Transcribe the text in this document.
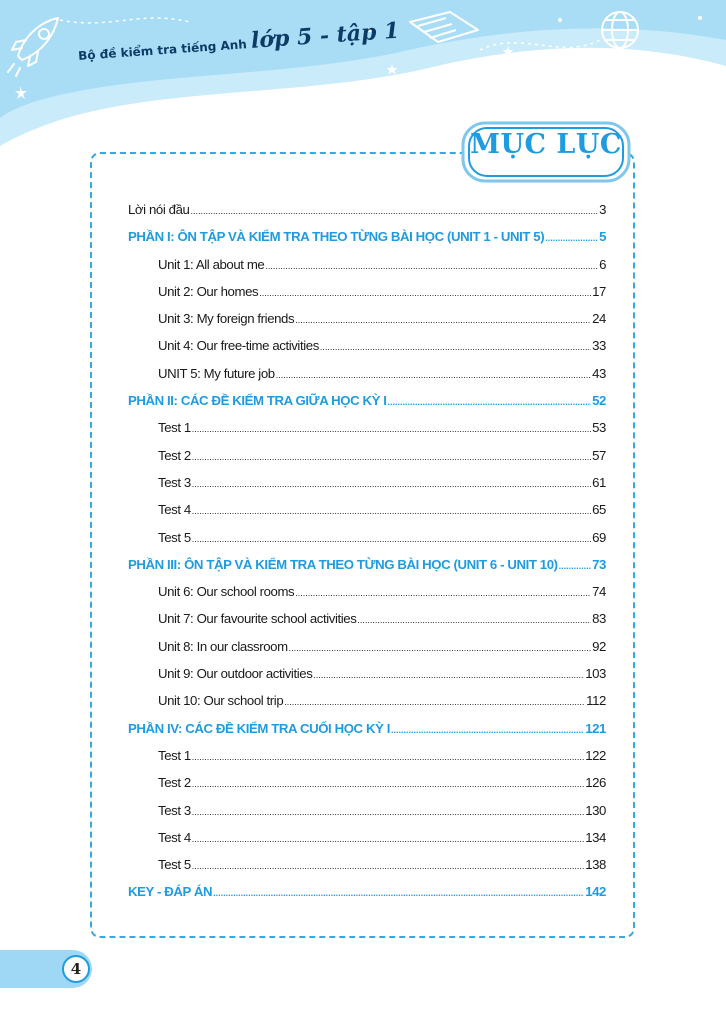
Bộ đề kiểm tra tiếng Anh lớp 5 - tập 1
MỤC LỤC
Lời nói đầu .....	3
PHẦN I: ÔN TẬP VÀ KIỂM TRA THEO TỪNG BÀI HỌC (UNIT 1 - UNIT 5) .....	5
Unit 1: All about me .....	6
Unit 2: Our homes .....	17
Unit 3: My foreign friends .....	24
Unit 4: Our free-time activities .....	33
UNIT 5: My future job .....	43
PHẦN II: CÁC ĐỀ KIỂM TRA GIỮA HỌC KỲ I .....	52
Test 1 .....	53
Test 2 .....	57
Test 3 .....	61
Test 4 .....	65
Test 5 .....	69
PHẦN III: ÔN TẬP VÀ KIỂM TRA THEO TỪNG BÀI HỌC (UNIT 6 - UNIT 10) .....	73
Unit 6: Our school rooms .....	74
Unit 7: Our favourite school activities .....	83
Unit 8: In our classroom .....	92
Unit 9: Our outdoor activities .....	103
Unit 10: Our school trip .....	112
PHẦN IV: CÁC ĐỀ KIỂM TRA CUỐI HỌC KỲ I .....	121
Test 1 .....	122
Test 2 .....	126
Test 3 .....	130
Test 4 .....	134
Test 5 .....	138
KEY - ĐÁP ÁN .....	142
4
